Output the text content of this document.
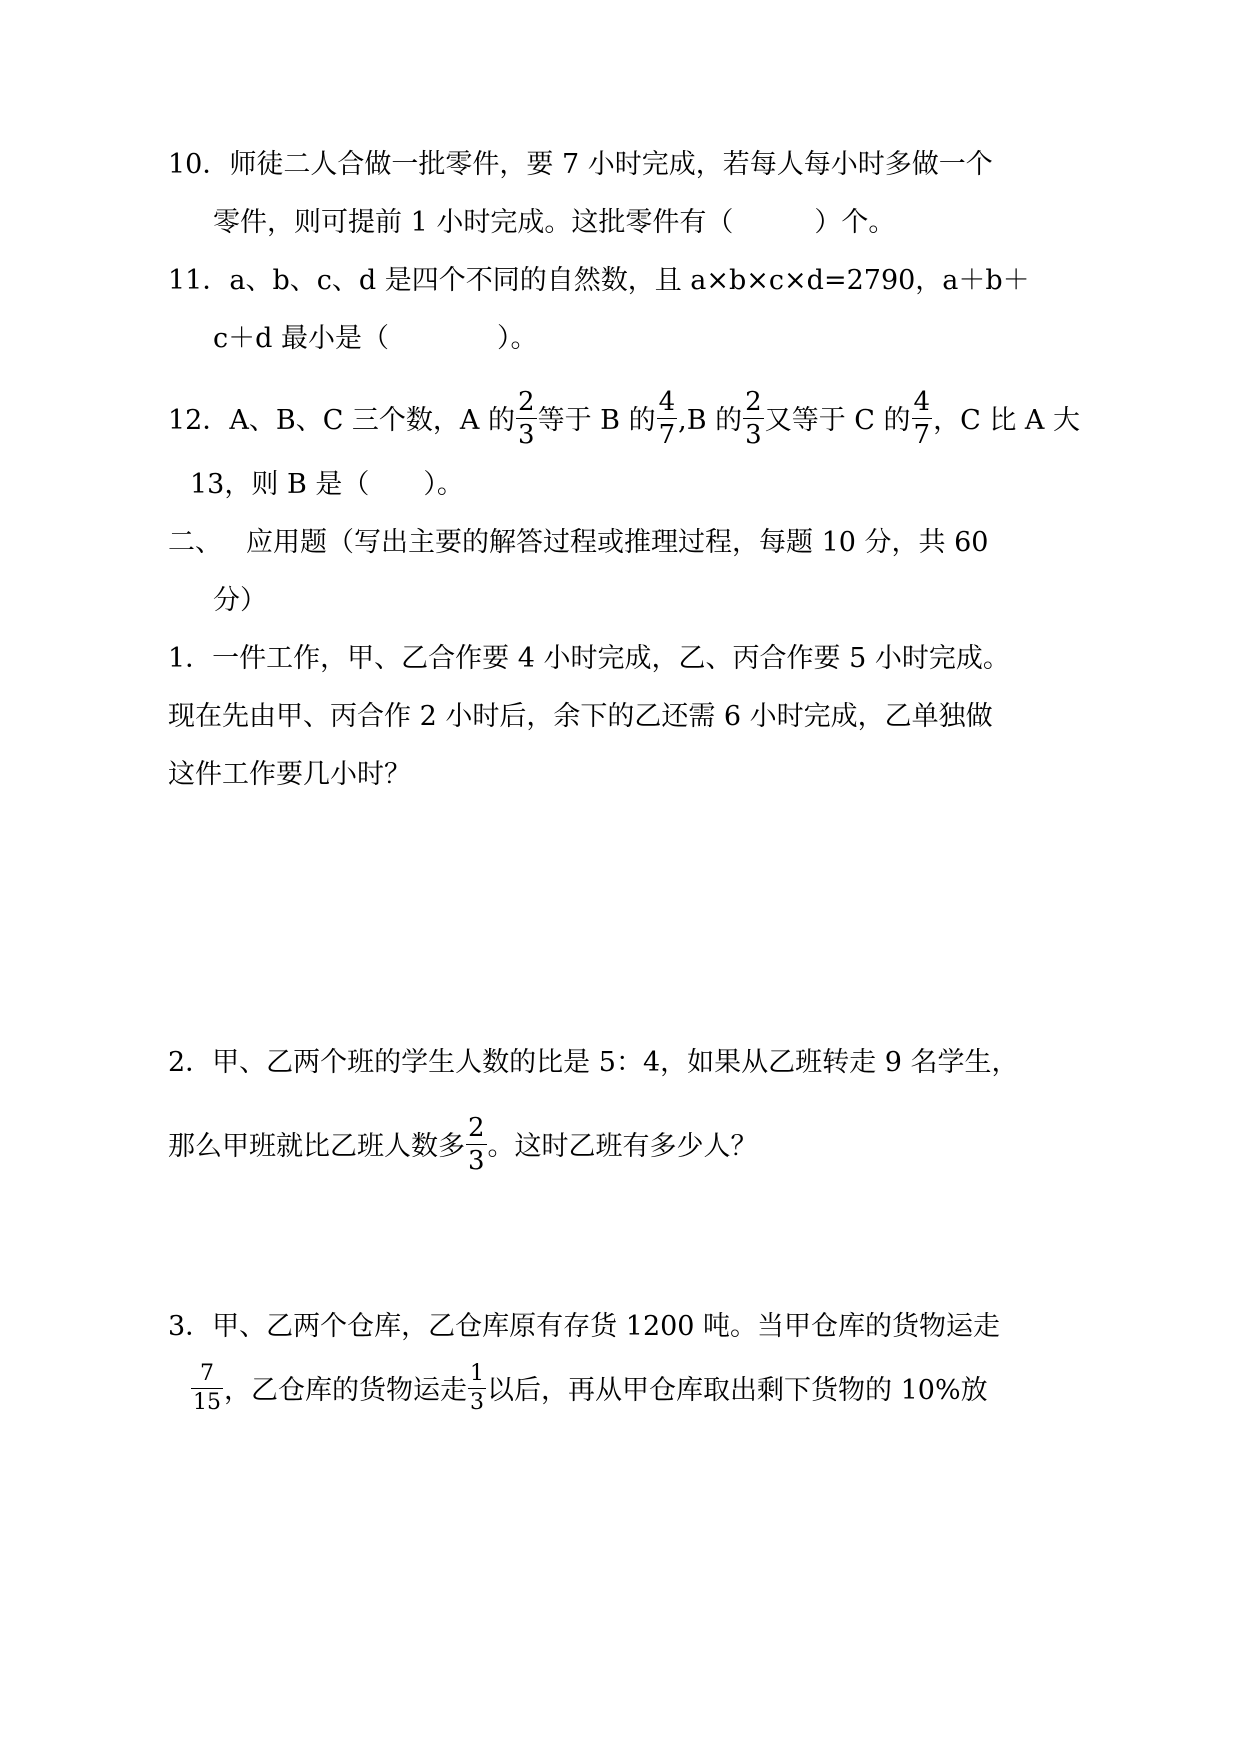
10．师徒二人合做一批零件，要 7 小时完成，若每人每小时多做一个
零件，则可提前 1 小时完成。这批零件有（　　　）个。
11．a、b、c、d 是四个不同的自然数，且 a×b×c×d=2790，a＋b＋
c＋d 最小是（　　　　）。
12．A、B、C 三个数，A 的 $\frac{2}{3}$ 等于 B 的 $\frac{4}{7} ,B$ 的 $\frac{2}{3}$ 又等于 C 的 $\frac{4}{7}$ ，C 比 A 大
13，则 B 是（　　）。
二、 应用题（写出主要的解答过程或推理过程，每题 10 分，共 60
分）
1．一件工作，甲、乙合作要 4 小时完成，乙、丙合作要 5 小时完成。
现在先由甲、丙合作 2 小时后，余下的乙还需 6 小时完成，乙单独做
这件工作要几小时？
2．甲、乙两个班的学生人数的比是 5：4，如果从乙班转走 9 名学生，
那么甲班就比乙班人数多 $\frac{2}{3}$ 。这时乙班有多少人？
3．甲、乙两个仓库，乙仓库原有存货 1200 吨。当甲仓库的货物运走
$\frac{7}{15}$ ，乙仓库的货物运走 $\frac{1}{3}$ 以后，再从甲仓库取出剩下货物的 10%放
